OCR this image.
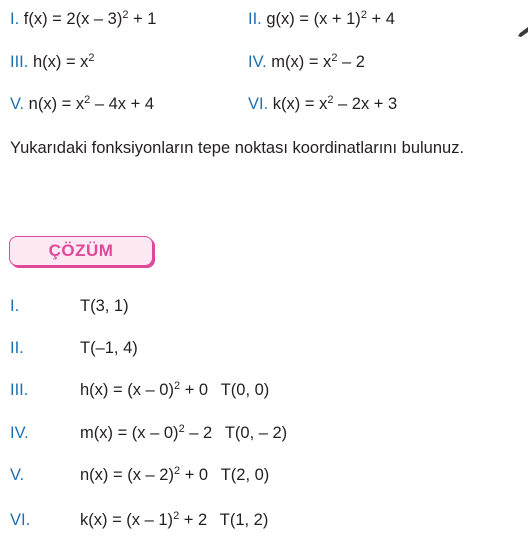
I. f(x) = 2(x – 3)$^2$ + 1	II. $g(x) = (x + 1)^2 + 4$
III. $h(x) = x^2$	IV. $m(x) = x^2 - 2$
V. $n(x) = x^2 - 4x + 4$	VI. $k(x) = x^2 - 2x + 3$
Yukarıdaki fonksiyonların tepe noktası koordinatlarını bulunuz.
ÇÖZÜM
I.	T(3, 1)
II.	T(–1, 4)
III.	h(x) = (x – 0)$^2$ + 0 T(0, 0)
IV.	m(x) = (x – 0)$^2$ – 2 T(0, – 2)
V.	n(x) = (x – 2)$^2$ + 0 T(2, 0)
VI.	k(x) = (x – 1)$^2$ + 2 T(1, 2)
